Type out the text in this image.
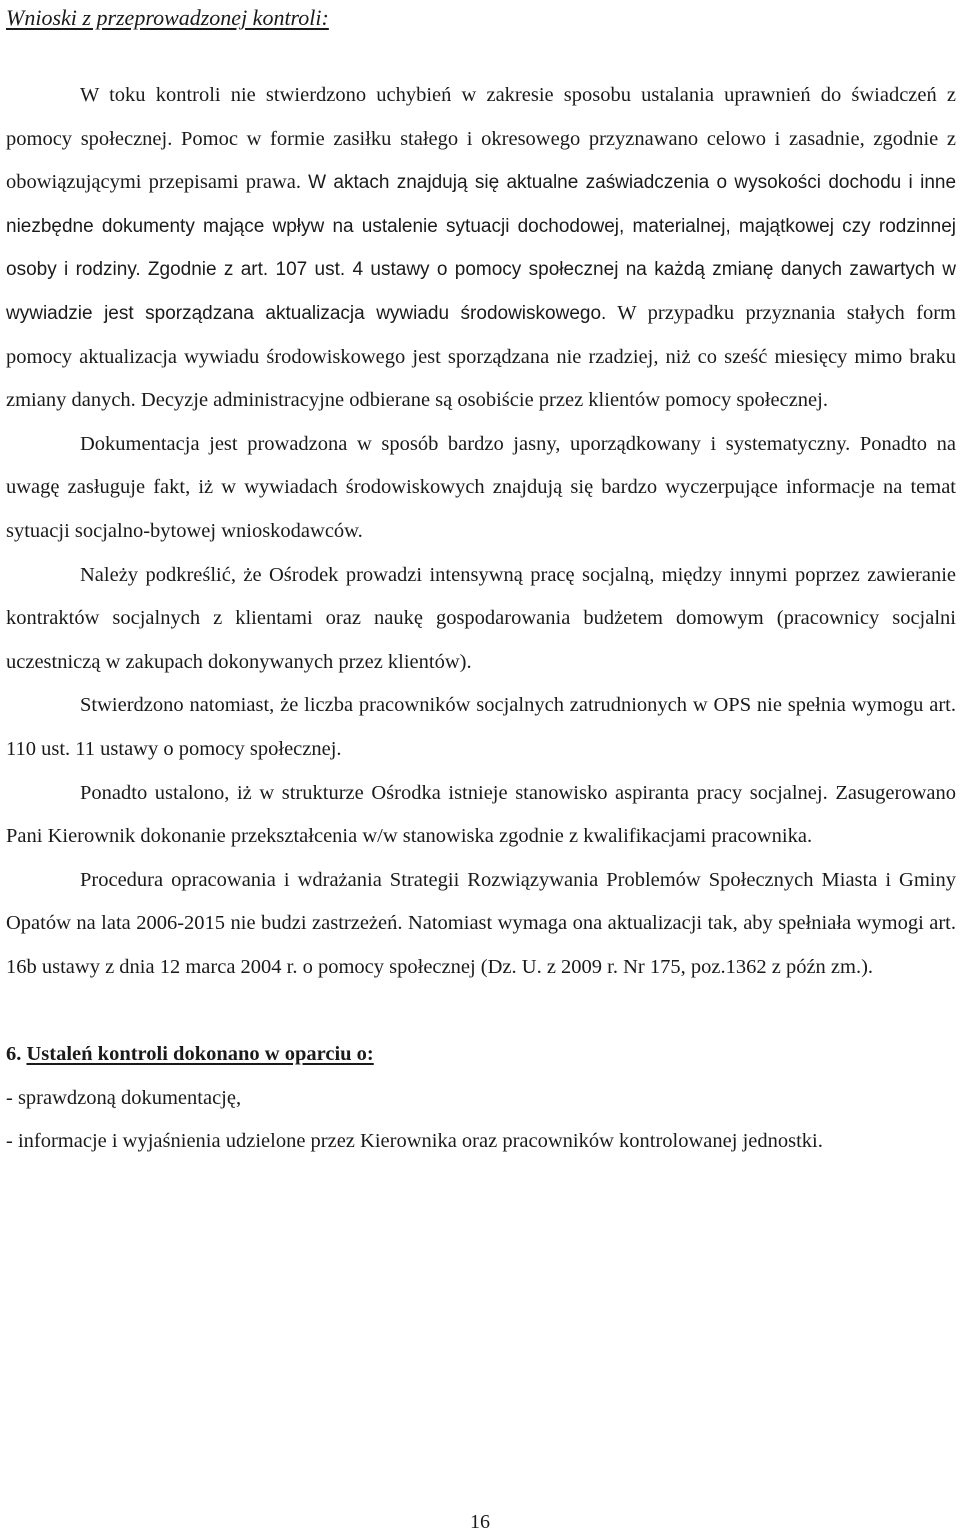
Wnioski z przeprowadzonej kontroli:

W toku kontroli nie stwierdzono uchybień w zakresie sposobu ustalania uprawnień do świadczeń z pomocy społecznej. Pomoc w formie zasiłku stałego i okresowego przyznawano celowo i zasadnie, zgodnie z obowiązującymi przepisami prawa. W aktach znajdują się aktualne zaświadczenia o wysokości dochodu i inne niezbędne dokumenty mające wpływ na ustalenie sytuacji dochodowej, materialnej, majątkowej czy rodzinnej osoby i rodziny. Zgodnie z art. 107 ust. 4 ustawy o pomocy społecznej na każdą zmianę danych zawartych w wywiadzie jest sporządzana aktualizacja wywiadu środowiskowego. W przypadku przyznania stałych form pomocy aktualizacja wywiadu środowiskowego jest sporządzana nie rzadziej, niż co sześć miesięcy mimo braku zmiany danych. Decyzje administracyjne odbierane są osobiście przez klientów pomocy społecznej.

Dokumentacja jest prowadzona w sposób bardzo jasny, uporządkowany i systematyczny. Ponadto na uwagę zasługuje fakt, iż w wywiadach środowiskowych znajdują się bardzo wyczerpujące informacje na temat sytuacji socjalno-bytowej wnioskodawców.

Należy podkreślić, że Ośrodek prowadzi intensywną pracę socjalną, między innymi poprzez zawieranie kontraktów socjalnych z klientami oraz naukę gospodarowania budżetem domowym (pracownicy socjalni uczestniczą w zakupach dokonywanych przez klientów).

Stwierdzono natomiast, że liczba pracowników socjalnych zatrudnionych w OPS nie spełnia wymogu art. 110 ust. 11 ustawy o pomocy społecznej.

Ponadto ustalono, iż w strukturze Ośrodka istnieje stanowisko aspiranta pracy socjalnej. Zasugerowano Pani Kierownik dokonanie przekształcenia w/w stanowiska zgodnie z kwalifikacjami pracownika.

Procedura opracowania i wdrażania Strategii Rozwiązywania Problemów Społecznych Miasta i Gminy Opatów na lata 2006-2015 nie budzi zastrzeżeń. Natomiast wymaga ona aktualizacji tak, aby spełniała wymogi art. 16b ustawy z dnia 12 marca 2004 r. o pomocy społecznej (Dz. U. z 2009 r. Nr 175, poz.1362 z późn zm.).

6. Ustaleń kontroli dokonano w oparciu o:

- sprawdzoną dokumentację,

- informacje i wyjaśnienia udzielone przez Kierownika oraz pracowników kontrolowanej jednostki.

16
